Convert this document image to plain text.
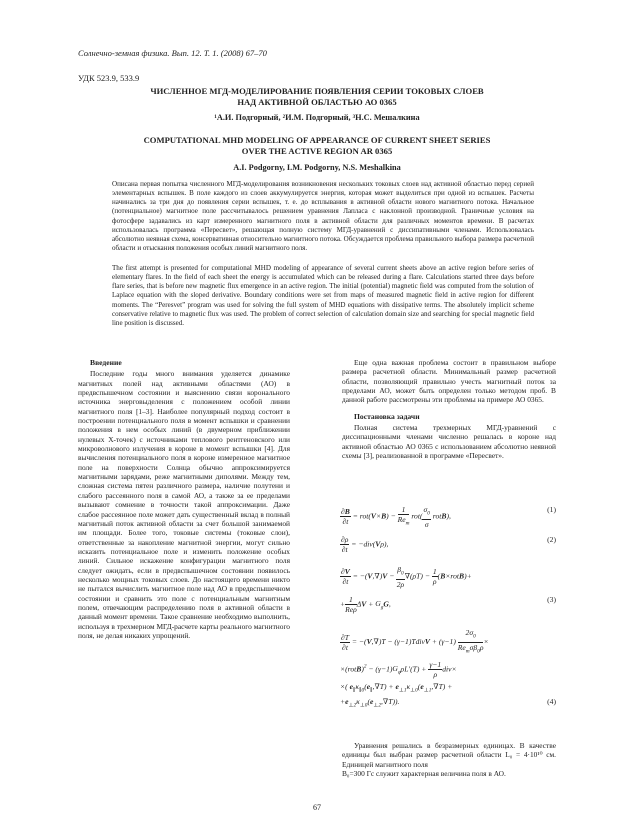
Солнечно-земная физика. Вып. 12. Т. 1. (2008) 67–70
УДК 523.9, 533.9
ЧИСЛЕННОЕ МГД-МОДЕЛИРОВАНИЕ ПОЯВЛЕНИЯ СЕРИИ ТОКОВЫХ СЛОЕВ
НАД АКТИВНОЙ ОБЛАСТЬЮ АО 0365
¹А.И. Подгорный, ²И.М. Подгорный, ³Н.С. Мешалкина
COMPUTATIONAL MHD MODELING OF APPEARANCE OF CURRENT SHEET SERIES
OVER THE ACTIVE REGION AR 0365
A.I. Podgorny, I.M. Podgorny, N.S. Meshalkina
Описана первая попытка численного МГД-моделирования возникновения нескольких токовых слоев над активной областью перед серией элементарных вспышек. В поле каждого из слоев аккумулируется энергия, которая может выделиться при одной из вспышек. Расчеты начинались за три дня до появления серии вспышек, т. е. до всплывания в активной области нового магнитного потока. Начальное (потенциальное) магнитное поле рассчитывалось решением уравнения Лапласа с наклонной производной. Граничные условия на фотосфере задавались из карт измеренного магнитного поля в активной области для различных моментов времени. В расчетах использовалась программа «Пересвет», решающая полную систему МГД-уравнений с диссипативными членами. Использовалась абсолютно неявная схема, консервативная относительно магнитного потока. Обсуждается проблема правильного выбора размера расчетной области и отыскания положения особых линий магнитного поля.
The first attempt is presented for computational MHD modeling of appearance of several current sheets above an active region before series of elementary flares. In the field of each sheet the energy is accumulated which can be released during a flare. Calculations started three days before flare series, that is before new magnetic flux emergence in an active region. The initial (potential) magnetic field was computed from the solution of Laplace equation with the sloped derivative. Boundary conditions were set from maps of measured magnetic field in active region for different moments. The “Peresvet” program was used for solving the full system of MHD equations with dissipative terms. The absolutely implicit scheme conservative relative to magnetic flux was used. The problem of correct selection of calculation domain size and searching for special magnetic field line position is discussed.
Введение

Последние годы много внимания уделяется динамике магнитных полей над активными областями (АО) в предвспышечном состоянии и выяснению связи коронального источника энерговыделения с положением особой линии магнитного поля [1–3]. Наиболее популярный подход состоит в построении потенциального поля в момент вспышки и сравнении положения в нем особых линий (в двумерном приближении нулевых Х-точек) с источниками теплового рентгеновского или микроволнового излучения в короне в момент вспышки [4]. Для вычисления потенциального поля в короне измеренное магнитное поле на поверхности Солнца обычно аппроксимируется магнитными зарядами, реже магнитными диполями. Между тем, сложная система пятен различного размера, наличие полутени и слабого рассеянного поля в самой АО, а также за ее пределами вызывают сомнение в точности такой аппроксимации. Даже слабое рассеянное поле может дать существенный вклад в полный магнитный поток активной области за счет большой занимаемой им площади. Более того, токовые системы (токовые слои), ответственные за накопление магнитной энергии, могут сильно исказить потенциальное поле и изменить положение особых линий. Сильное искажение конфигурации магнитного поля следует ожидать, если в предвспышечном состоянии появилось несколько мощных токовых слоев. До настоящего времени никто не пытался вычислить магнитное поле над АО в предвспышечном состоянии и сравнить это поле с потенциальным магнитным полем, отвечающим распределению поля в активной области в данный момент времени. Такое сравнение необходимо выполнить, используя в трехмерном МГД-расчете карты реального магнитного поля, не делая никаких упрощений.

Еще одна важная проблема состоит в правильном выборе размера расчетной области. Минимальный размер расчетной области, позволяющий правильно учесть магнитный поток за пределами АО, может быть определен только методом проб. В данной работе рассмотрены эти проблемы на примере АО 0365.

Постановка задачи

Полная система трехмерных МГД-уравнений с диссипационными членами численно решалась в короне над активной областью АО 0365 с использованием абсолютно неявной схемы [3], реализованной в программе «Пересвет».

$\frac{\partial B}{\partial t} = rot(V\times B) - \frac{1}{Re_m} rot( \frac{\sigma_0}{\sigma}$ rotB),
(1)
$\frac{\partial\rho}{\partial t} = -div(V\rho)$,	(2)
$\frac{\partial V}{\partial t} = -(V,\nabla)V - \frac{\beta_0}{2\rho} \nabla(\rho T) - \frac{1}{\rho}$ (B×rotB)+
+ $\frac{1}{\text{Reρ}}$ $\Delta V + G_gG$,	(3)
$\frac{\partial T}{\partial t} = -(V,\nabla)T$ − (γ−1)TdivV + $(\gamma-1) \frac{2\sigma_0}{Re_m\sigma\beta_0\rho}$ ×
×(rotB)$^2$ − $(\gamma-1)G_q\rho L'(T) + \frac{\gamma-1}{\rho} div\times$
×( $e_\parallel\kappa_{\parallel 0}(e_\parallel,\nabla T) + e_{\perp 1}\kappa_{\perp 0}(e_{\perp 1},\nabla T)$ +
$+e_{\perp 2}\kappa_{\perp 0}(e_{\perp 2},\nabla T)$).	(4)

Уравнения решались в безразмерных единицах. В качестве единицы был выбран размер расчетной области L₀ = 4·10¹⁰ см. Единицей магнитного поля

B₀=300 Гс служит характерная величина поля в АО.

67
